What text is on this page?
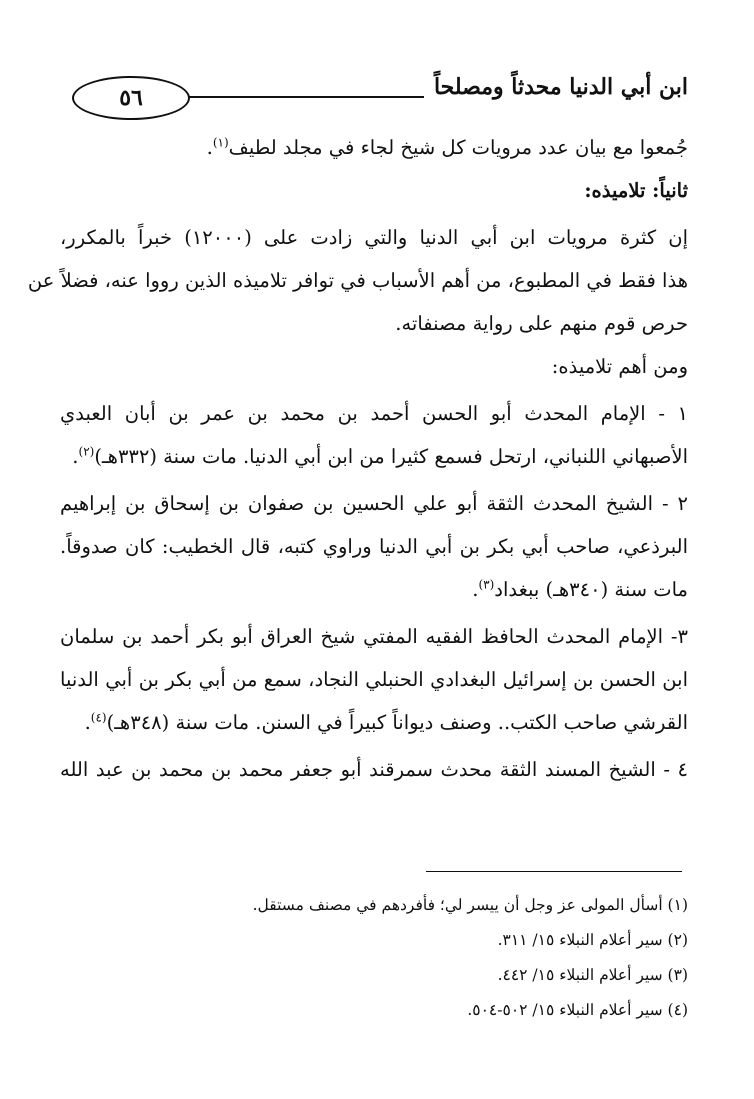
٥٦	ابن أبي الدنيا محدثاً ومصلحاً
جُمعوا مع بيان عدد مرويات كل شيخ لجاء في مجلد لطيف$^{(١)}$.
ثانياً: تلاميذه:
إن كثرة مرويات ابن أبي الدنيا والتي زادت على (١٢٠٠٠) خبراً بالمكرر،
هذا فقط في المطبوع، من أهم الأسباب في توافر تلاميذه الذين رووا عنه، فضلاً عن
حرص قوم منهم على رواية مصنفاته.
ومن أهم تلاميذه:
١ - الإمام المحدث أبو الحسن أحمد بن محمد بن عمر بن أبان العبدي
الأصبهاني اللنباني، ارتحل فسمع كثيرا من ابن أبي الدنيا. مات سنة (٣٣٢هـ)$^{(٢)}$.
٢ - الشيخ المحدث الثقة أبو علي الحسين بن صفوان بن إسحاق بن إبراهيم
البرذعي، صاحب أبي بكر بن أبي الدنيا وراوي كتبه، قال الخطيب: كان صدوقاً.
مات سنة (٣٤٠هـ) ببغداد$^{(٣)}$.
٣- الإمام المحدث الحافظ الفقيه المفتي شيخ العراق أبو بكر أحمد بن سلمان
ابن الحسن بن إسرائيل البغدادي الحنبلي النجاد، سمع من أبي بكر بن أبي الدنيا
القرشي صاحب الكتب.. وصنف ديواناً كبيراً في السنن. مات سنة (٣٤٨هـ)$^{(٤)}$.
٤ - الشيخ المسند الثقة محدث سمرقند أبو جعفر محمد بن محمد بن عبد الله
(١) أسأل المولى عز وجل أن ييسر لي؛ فأفردهم في مصنف مستقل.
(٢) سير أعلام النبلاء ١٥/ ٣١١.
(٣) سير أعلام النبلاء ١٥/ ٤٤٢.
(٤) سير أعلام النبلاء ١٥/ ٥٠٢-٥٠٤.
